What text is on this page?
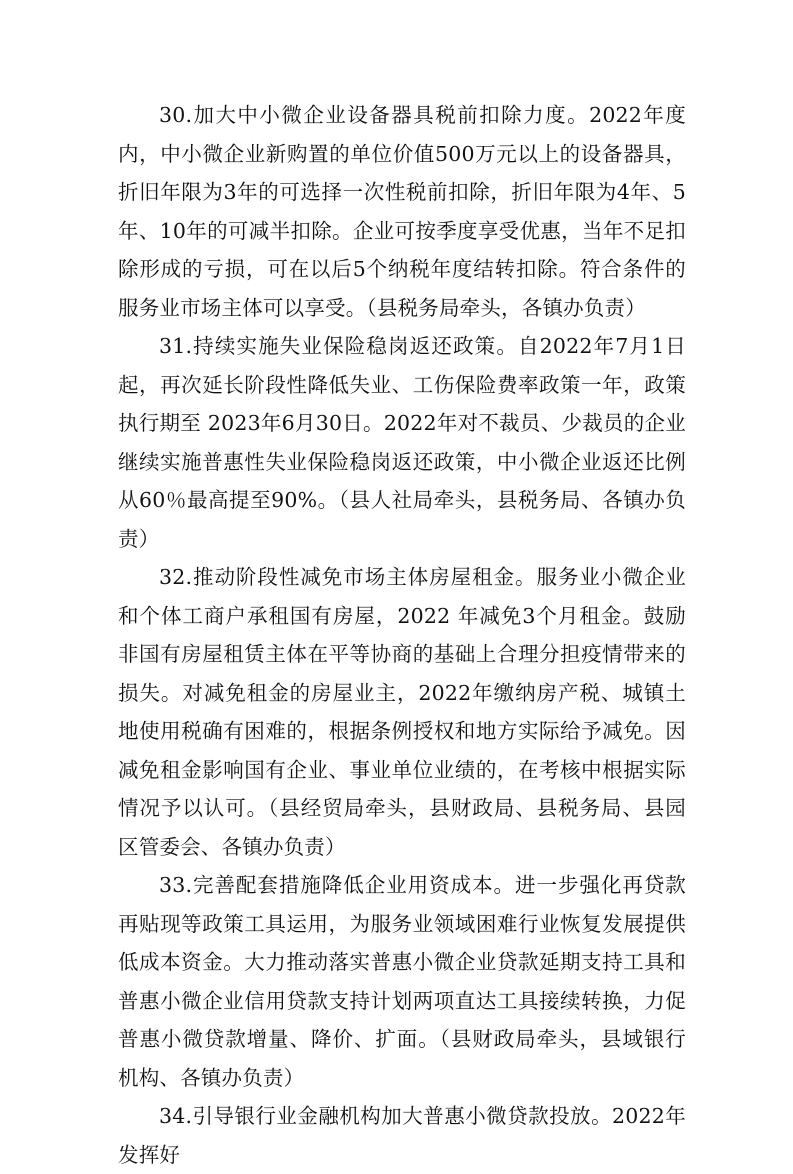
30.加大中小微企业设备器具税前扣除力度。2022年度内，中小微企业新购置的单位价值500万元以上的设备器具，折旧年限为3年的可选择一次性税前扣除，折旧年限为4年、5 年、10年的可减半扣除。企业可按季度享受优惠，当年不足扣除形成的亏损，可在以后5个纳税年度结转扣除。符合条件的服务业市场主体可以享受。（县税务局牵头，各镇办负责）

31.持续实施失业保险稳岗返还政策。自2022年7月1日起，再次延长阶段性降低失业、工伤保险费率政策一年，政策执行期至 2023年6月30日。2022年对不裁员、少裁员的企业继续实施普惠性失业保险稳岗返还政策，中小微企业返还比例从60％最高提至90%。（县人社局牵头，县税务局、各镇办负责）

32.推动阶段性减免市场主体房屋租金。服务业小微企业和个体工商户承租国有房屋，2022 年减免3个月租金。鼓励非国有房屋租赁主体在平等协商的基础上合理分担疫情带来的损失。对减免租金的房屋业主，2022年缴纳房产税、城镇土地使用税确有困难的，根据条例授权和地方实际给予减免。因减免租金影响国有企业、事业单位业绩的，在考核中根据实际情况予以认可。（县经贸局牵头，县财政局、县税务局、县园区管委会、各镇办负责）

33.完善配套措施降低企业用资成本。进一步强化再贷款再贴现等政策工具运用，为服务业领域困难行业恢复发展提供低成本资金。大力推动落实普惠小微企业贷款延期支持工具和普惠小微企业信用贷款支持计划两项直达工具接续转换，力促普惠小微贷款增量、降价、扩面。（县财政局牵头，县域银行机构、各镇办负责）

34.引导银行业金融机构加大普惠小微贷款投放。2022年发挥好
